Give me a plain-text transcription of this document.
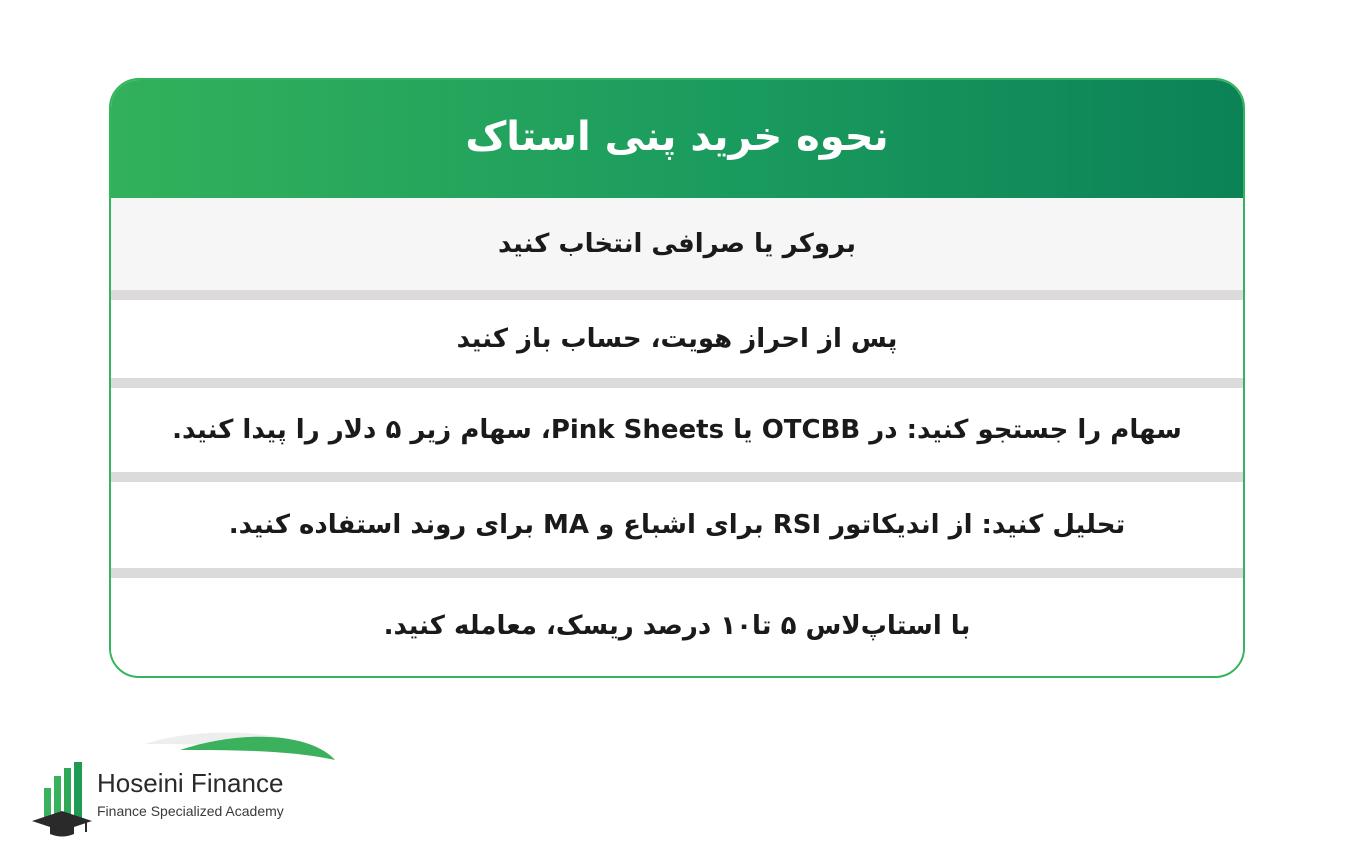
نحوه خرید پنی استاک
بروکر یا صرافی انتخاب کنید
پس از احراز هویت، حساب باز کنید
سهام را جستجو کنید: در OTCBB یا Pink Sheets، سهام زیر ۵ دلار را پیدا کنید.
تحلیل کنید: از اندیکاتور RSI برای اشباع و MA برای روند استفاده کنید.
با استاپ‌لاس ۵ تا۱۰ درصد ریسک، معامله کنید.
Hoseini Finance
Finance Specialized Academy
